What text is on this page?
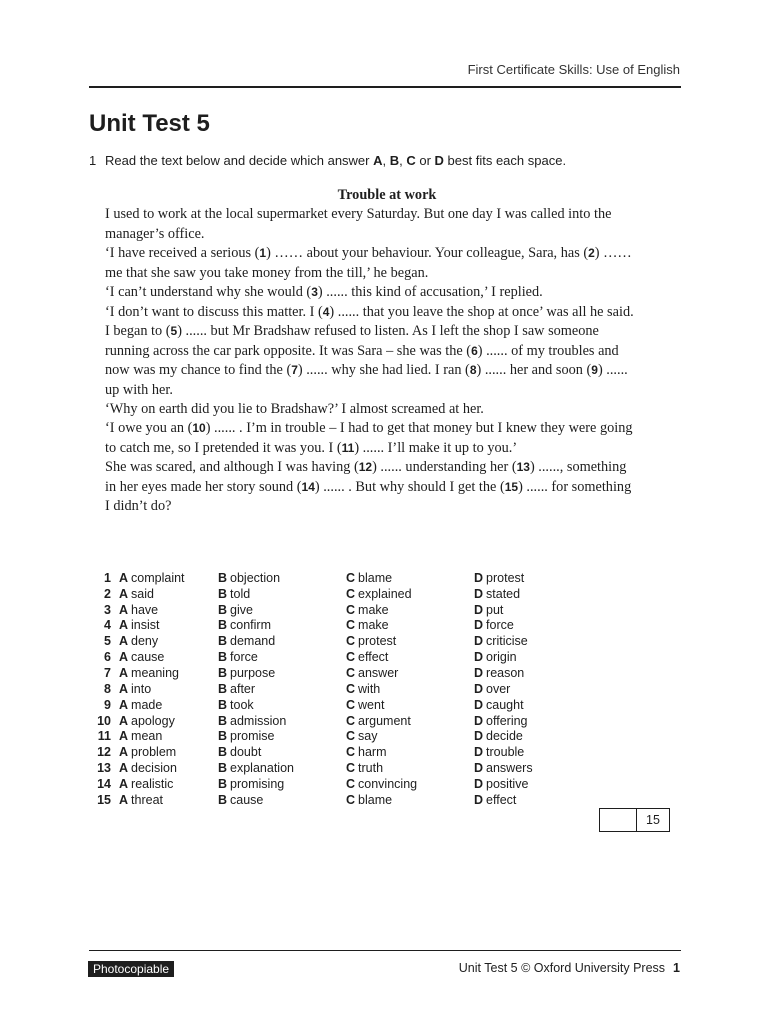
First Certificate Skills: Use of English
Unit Test 5
1 Read the text below and decide which answer A, B, C or D best fits each space.
Trouble at work

I used to work at the local supermarket every Saturday. But one day I was called into the manager’s office.

‘I have received a serious (1) …… about your behaviour. Your colleague, Sara, has (2) …… me that she saw you take money from the till,’ he began.

‘I can’t understand why she would (3) ...... this kind of accusation,’ I replied.

‘I don’t want to discuss this matter. I (4) ...... that you leave the shop at once’ was all he said.

I began to (5) ...... but Mr Bradshaw refused to listen. As I left the shop I saw someone running across the car park opposite. It was Sara – she was the (6) ...... of my troubles and now was my chance to find the (7) ...... why she had lied. I ran (8) ...... her and soon (9) ...... up with her.

‘Why on earth did you lie to Bradshaw?’ I almost screamed at her.

‘I owe you an (10) ...... . I’m in trouble – I had to get that money but I knew they were going to catch me, so I pretended it was you. I (11) ...... I’ll make it up to you.’

She was scared, and although I was having (12) ...... understanding her (13) ......, something in her eyes made her story sound (14) ...... . But why should I get the (15) ...... for something I didn’t do?

1	A complaint	B objection	C blame	D protest
2	A said	B told	C explained	D stated
3	A have	B give	C make	D put
4	A insist	B confirm	C make	D force
5	A deny	B demand	C protest	D criticise
6	A cause	B force	C effect	D origin
7	A meaning	B purpose	C answer	D reason
8	A into	B after	C with	D over
9	A made	B took	C went	D caught
10	A apology	B admission	C argument	D offering
11	A mean	B promise	C say	D decide
12	A problem	B doubt	C harm	D trouble
13	A decision	B explanation	C truth	D answers
14	A realistic	B promising	C convincing	D positive
15	A threat	B cause	C blame	D effect
15
Photocopiable	Unit Test 5 © Oxford University Press 1
